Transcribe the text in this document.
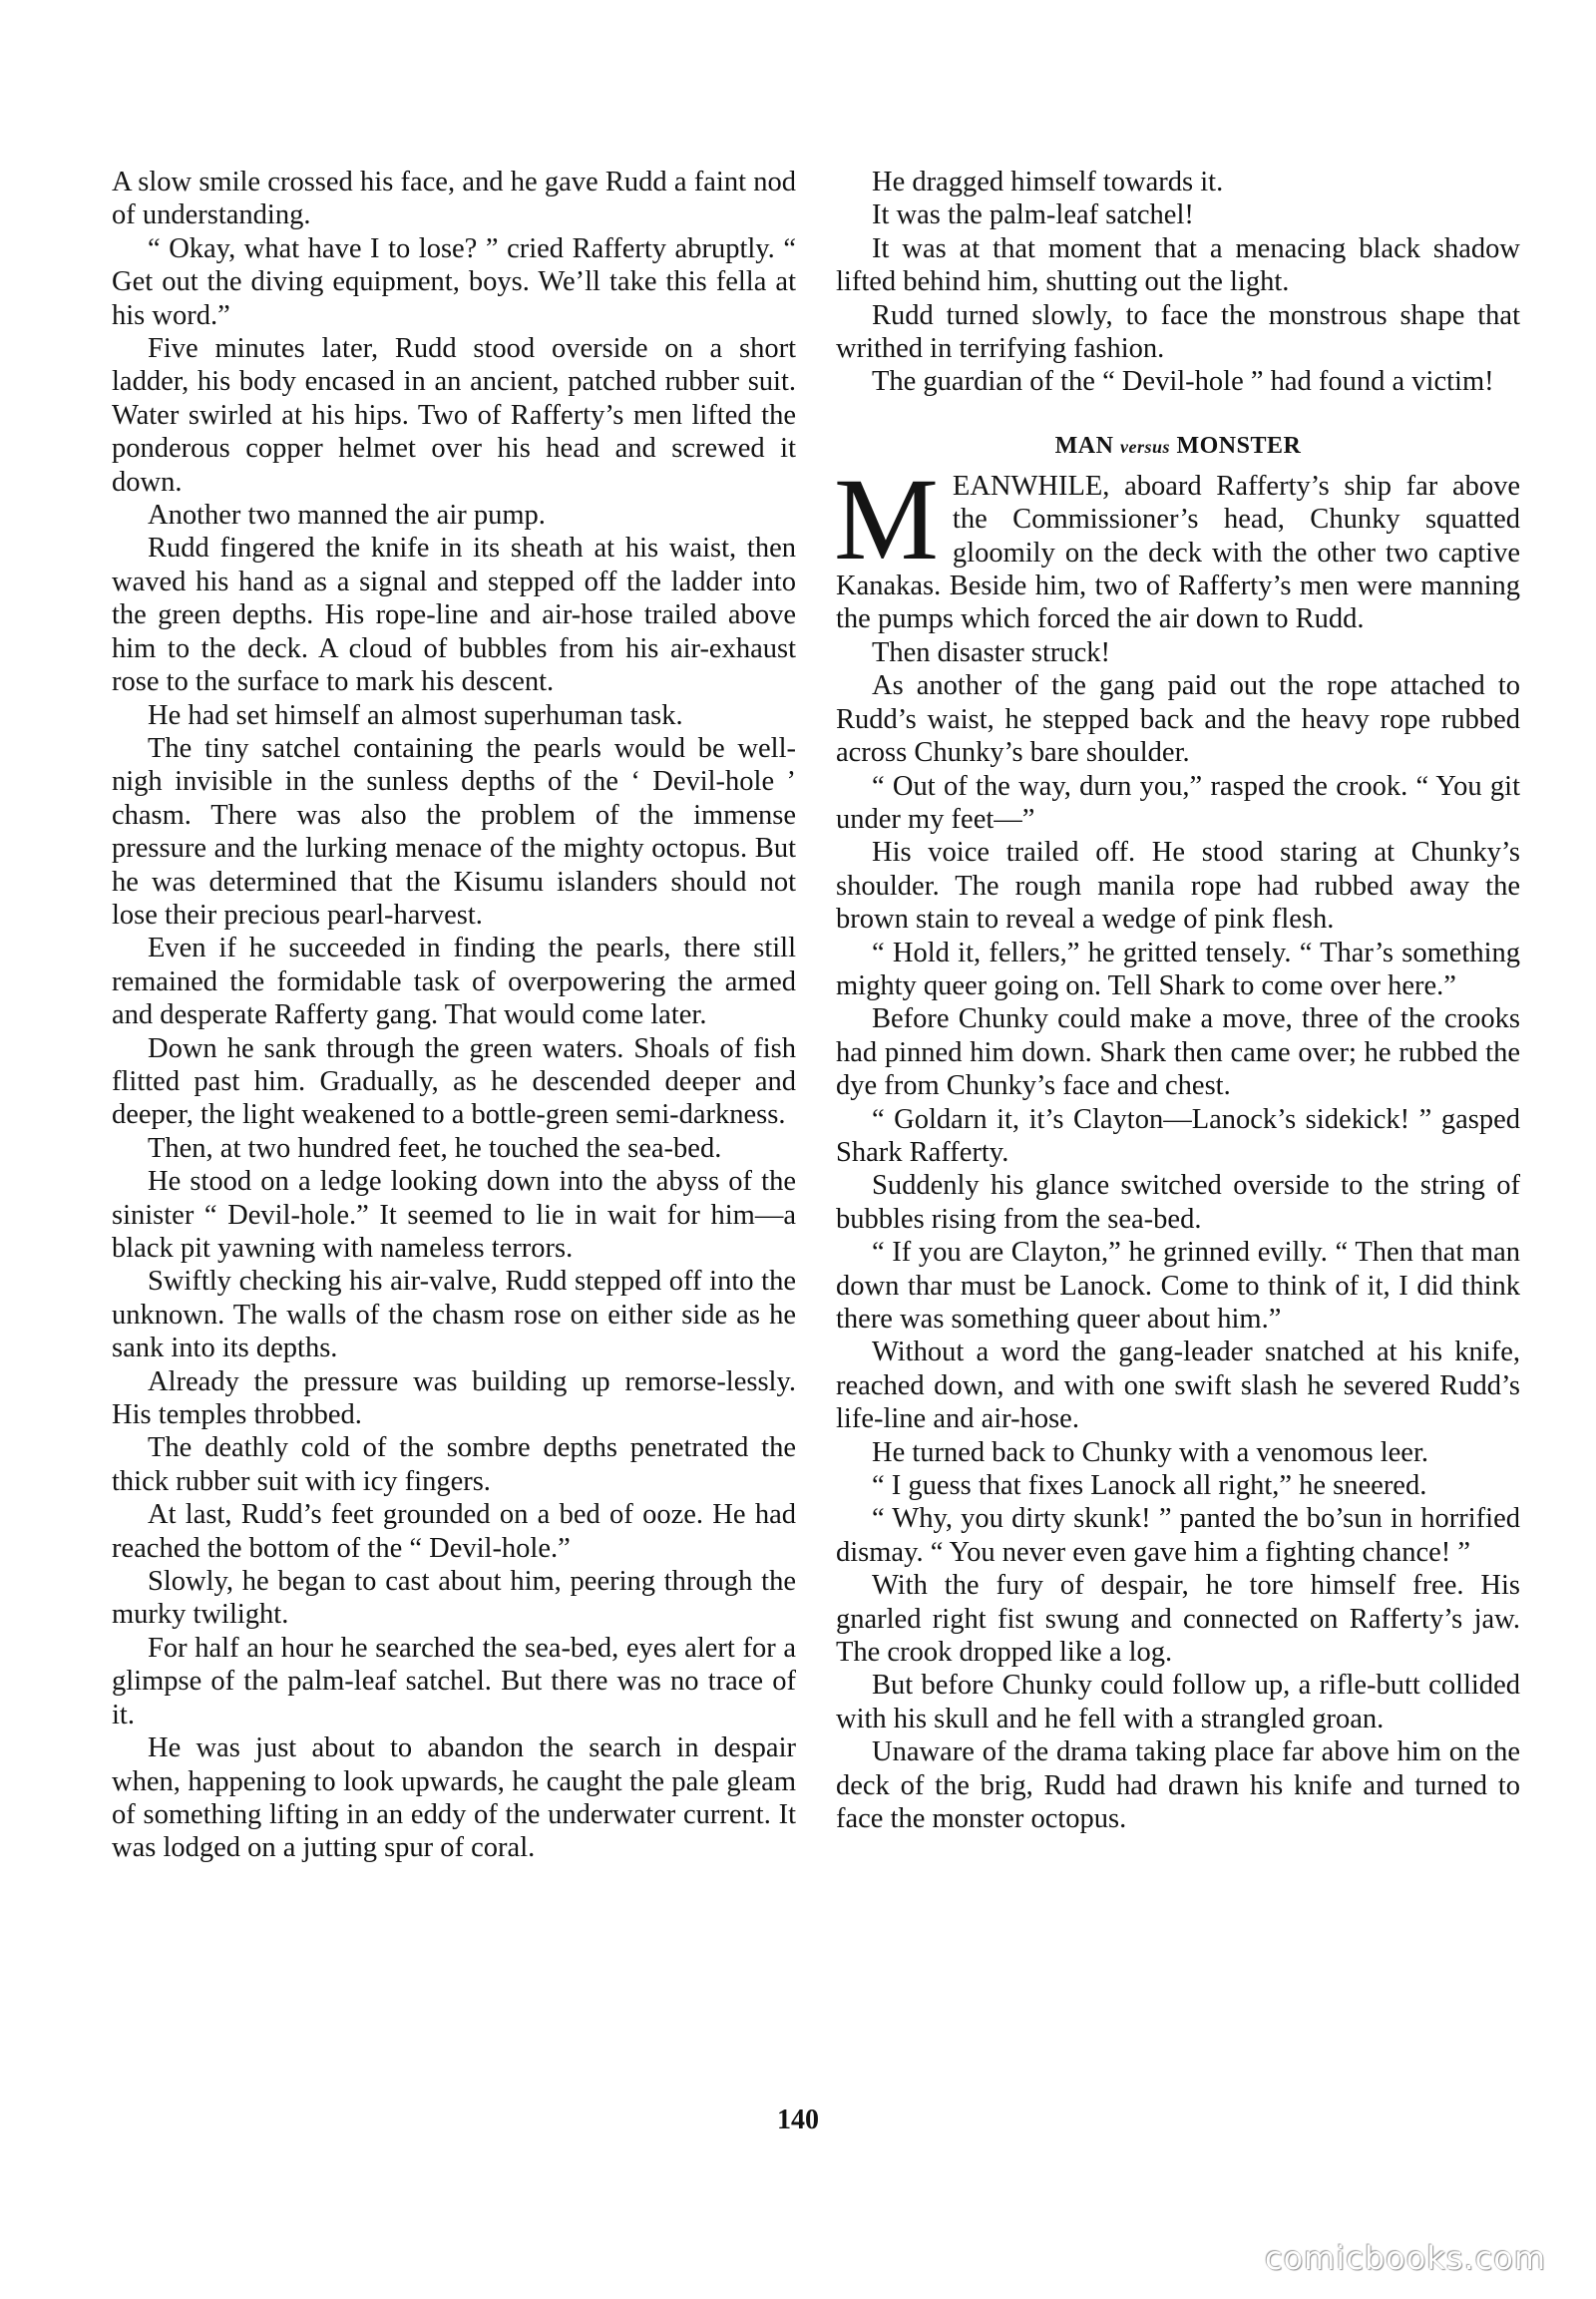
A slow smile crossed his face, and he gave Rudd a faint nod of understanding.

“ Okay, what have I to lose? ” cried Rafferty abruptly. “ Get out the diving equipment, boys. We’ll take this fella at his word.”

Five minutes later, Rudd stood overside on a short ladder, his body encased in an ancient, patched rubber suit. Water swirled at his hips. Two of Rafferty’s men lifted the ponderous copper helmet over his head and screwed it down.

Another two manned the air pump.

Rudd fingered the knife in its sheath at his waist, then waved his hand as a signal and stepped off the ladder into the green depths. His rope-line and air-hose trailed above him to the deck. A cloud of bubbles from his air-exhaust rose to the surface to mark his descent.

He had set himself an almost superhuman task.

The tiny satchel containing the pearls would be well-nigh invisible in the sunless depths of the ‘ Devil-hole ’ chasm. There was also the problem of the immense pressure and the lurking menace of the mighty octopus. But he was determined that the Kisumu islanders should not lose their precious pearl-harvest.

Even if he succeeded in finding the pearls, there still remained the formidable task of overpowering the armed and desperate Rafferty gang. That would come later.

Down he sank through the green waters. Shoals of fish flitted past him. Gradually, as he descended deeper and deeper, the light weakened to a bottle-green semi-darkness.

Then, at two hundred feet, he touched the sea-bed.

He stood on a ledge looking down into the abyss of the sinister “ Devil-hole.” It seemed to lie in wait for him—a black pit yawning with nameless terrors.

Swiftly checking his air-valve, Rudd stepped off into the unknown. The walls of the chasm rose on either side as he sank into its depths.

Already the pressure was building up remorse-lessly. His temples throbbed.

The deathly cold of the sombre depths penetrated the thick rubber suit with icy fingers.

At last, Rudd’s feet grounded on a bed of ooze. He had reached the bottom of the “ Devil-hole.”

Slowly, he began to cast about him, peering through the murky twilight.

For half an hour he searched the sea-bed, eyes alert for a glimpse of the palm-leaf satchel. But there was no trace of it.

He was just about to abandon the search in despair when, happening to look upwards, he caught the pale gleam of something lifting in an eddy of the underwater current. It was lodged on a jutting spur of coral.

He dragged himself towards it.

It was the palm-leaf satchel!

It was at that moment that a menacing black shadow lifted behind him, shutting out the light.

Rudd turned slowly, to face the monstrous shape that writhed in terrifying fashion.

The guardian of the “ Devil-hole ” had found a victim!

MAN versus MONSTER

MEANWHILE, aboard Rafferty’s ship far above the Commissioner’s head, Chunky squatted gloomily on the deck with the other two captive Kanakas. Beside him, two of Rafferty’s men were manning the pumps which forced the air down to Rudd.

Then disaster struck!

As another of the gang paid out the rope attached to Rudd’s waist, he stepped back and the heavy rope rubbed across Chunky’s bare shoulder.

“ Out of the way, durn you,” rasped the crook. “ You git under my feet—”

His voice trailed off. He stood staring at Chunky’s shoulder. The rough manila rope had rubbed away the brown stain to reveal a wedge of pink flesh.

“ Hold it, fellers,” he gritted tensely. “ Thar’s something mighty queer going on. Tell Shark to come over here.”

Before Chunky could make a move, three of the crooks had pinned him down. Shark then came over; he rubbed the dye from Chunky’s face and chest.

“ Goldarn it, it’s Clayton—Lanock’s sidekick! ” gasped Shark Rafferty.

Suddenly his glance switched overside to the string of bubbles rising from the sea-bed.

“ If you are Clayton,” he grinned evilly. “ Then that man down thar must be Lanock. Come to think of it, I did think there was something queer about him.”

Without a word the gang-leader snatched at his knife, reached down, and with one swift slash he severed Rudd’s life-line and air-hose.

He turned back to Chunky with a venomous leer.

“ I guess that fixes Lanock all right,” he sneered.

“ Why, you dirty skunk! ” panted the bo’sun in horrified dismay. “ You never even gave him a fighting chance! ”

With the fury of despair, he tore himself free. His gnarled right fist swung and connected on Rafferty’s jaw. The crook dropped like a log.

But before Chunky could follow up, a rifle-butt collided with his skull and he fell with a strangled groan.

Unaware of the drama taking place far above him on the deck of the brig, Rudd had drawn his knife and turned to face the monster octopus.

140
comicbooks.com
